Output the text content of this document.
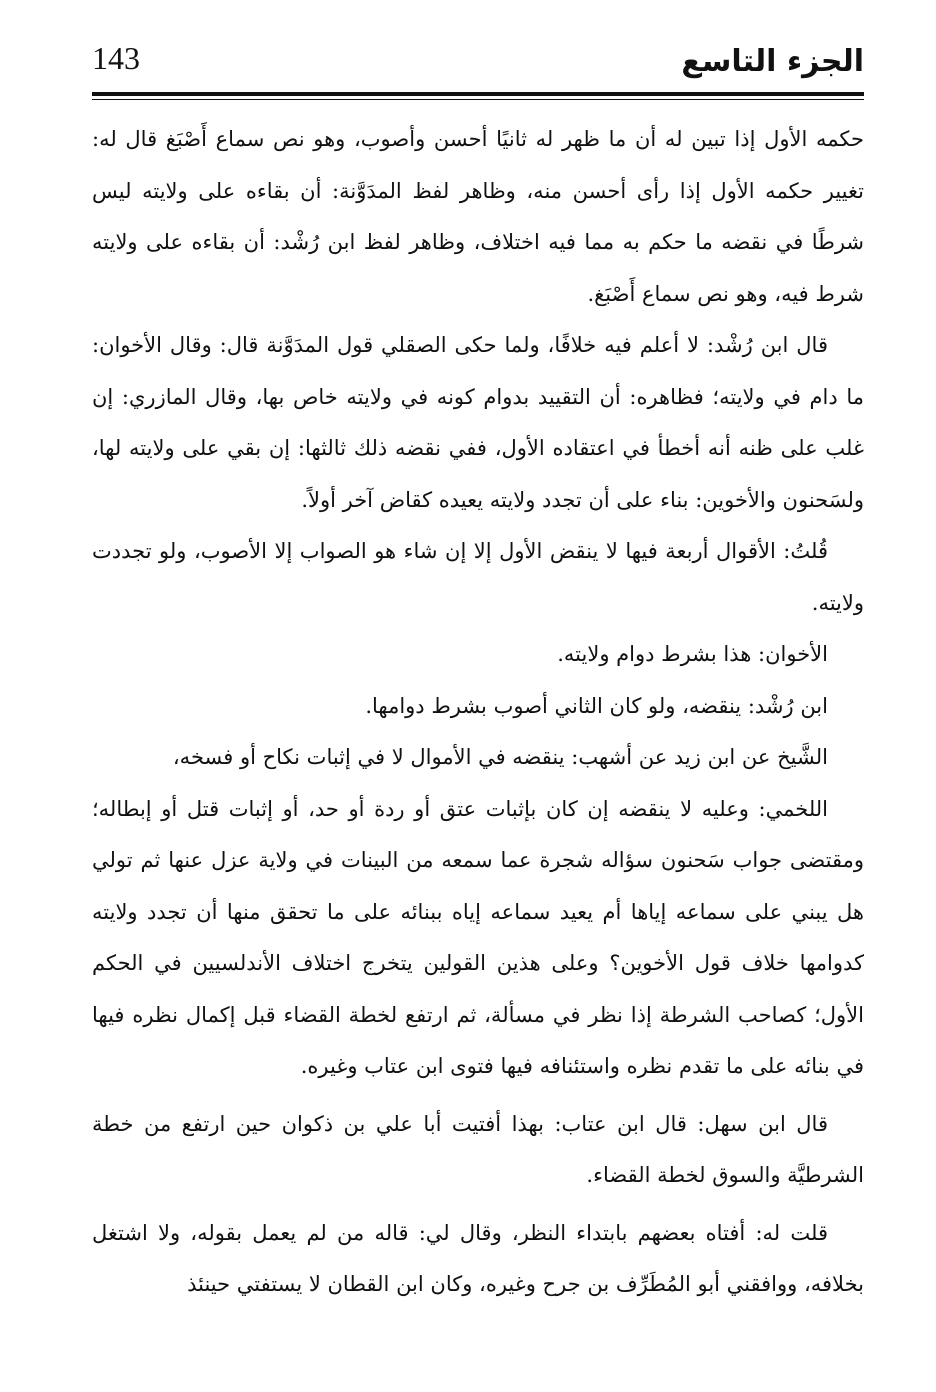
143	الجزء التاسع

حكمه الأول إذا تبين له أن ما ظهر له ثانيًا أحسن وأصوب، وهو نص سماع أَصْبَغ قال له: تغيير حكمه الأول إذا رأى أحسن منه، وظاهر لفظ المدَوَّنة: أن بقاءه على ولايته ليس شرطًا في نقضه ما حكم به مما فيه اختلاف، وظاهر لفظ ابن رُشْد: أن بقاءه على ولايته شرط فيه، وهو نص سماع أَصْبَغ.

قال ابن رُشْد: لا أعلم فيه خلافًا، ولما حكى الصقلي قول المدَوَّنة قال: وقال الأخوان: ما دام في ولايته؛ فظاهره: أن التقييد بدوام كونه في ولايته خاص بها، وقال المازري: إن غلب على ظنه أنه أخطأ في اعتقاده الأول، ففي نقضه ذلك ثالثها: إن بقي على ولايته لها، ولسَحنون والأخوين: بناء على أن تجدد ولايته يعيده كقاض آخر أولاً.

قُلتُ: الأقوال أربعة فيها لا ينقض الأول إلا إن شاء هو الصواب إلا الأصوب، ولو تجددت ولايته.

الأخوان: هذا بشرط دوام ولايته.

ابن رُشْد: ينقضه، ولو كان الثاني أصوب بشرط دوامها.

الشَّيخ عن ابن زيد عن أشهب: ينقضه في الأموال لا في إثبات نكاح أو فسخه،

اللخمي: وعليه لا ينقضه إن كان بإثبات عتق أو ردة أو حد، أو إثبات قتل أو إبطاله؛ ومقتضى جواب سَحنون سؤاله شجرة عما سمعه من البينات في ولاية عزل عنها ثم تولي هل يبني على سماعه إياها أم يعيد سماعه إياه ببنائه على ما تحقق منها أن تجدد ولايته كدوامها خلاف قول الأخوين؟ وعلى هذين القولين يتخرج اختلاف الأندلسيين في الحكم الأول؛ كصاحب الشرطة إذا نظر في مسألة، ثم ارتفع لخطة القضاء قبل إكمال نظره فيها في بنائه على ما تقدم نظره واستئنافه فيها فتوى ابن عتاب وغيره.

قال ابن سهل: قال ابن عتاب: بهذا أفتيت أبا علي بن ذكوان حين ارتفع من خطة الشرطيَّة والسوق لخطة القضاء.

قلت له: أفتاه بعضهم بابتداء النظر، وقال لي: قاله من لم يعمل بقوله، ولا اشتغل بخلافه، ووافقني أبو المُطَرِّف بن جرح وغيره، وكان ابن القطان لا يستفتي حينئذ
